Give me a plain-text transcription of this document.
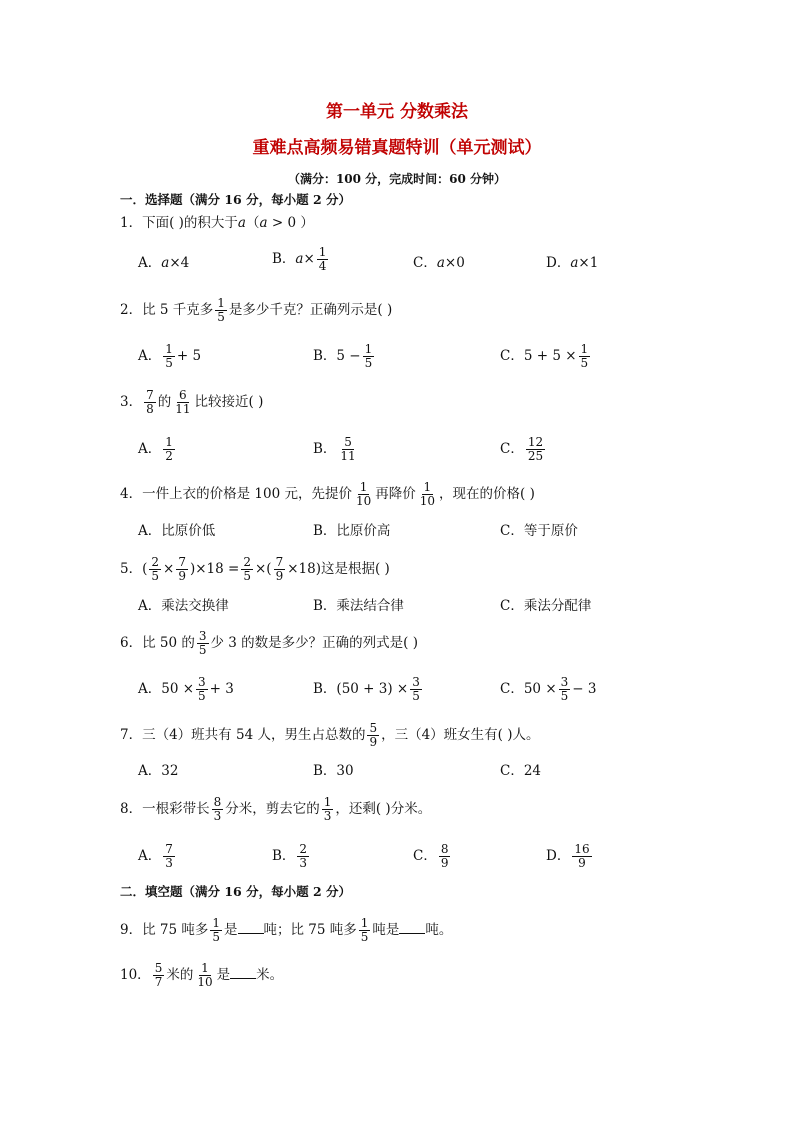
第一单元 分数乘法
重难点高频易错真题特训（单元测试）
（满分：100 分，完成时间：60 分钟）
一．选择题（满分 16 分，每小题 2 分）
1．下面( )的积大于a（a > 0 ）
A．a×4	B．$a\times \frac{1}{4}$	C．a×0	D．a×1
2．比 5 千克多 $\frac{1}{5}$ 是多少千克？正确列示是( )
A． $\frac{1}{5} + 5$	B．$5 - \frac{1}{5}$	C．$5 + 5 \times \frac{1}{5}$
3． $\frac{7}{8}$ 的 $\frac{6}{11}$ 比较接近( )
A． $\frac{1}{2}$	B． $\frac{5}{11}$	C． $\frac{12}{25}$
4．一件上衣的价格是 100 元，先提价 $\frac{1}{10}$ 再降价 $\frac{1}{10}$ ，现在的价格( )
A．比原价低	B．比原价高	C．等于原价
5．( $\frac{2}{5} \times \frac{7}{9} )\times 18 = \frac{2}{5}$ ×( $\frac{7}{9} \times 18$)这是根据( )
A．乘法交换律	B．乘法结合律	C．乘法分配律
6．比 50 的 $\frac{3}{5}$ 少 3 的数是多少？正确的列式是( )
A．$50 \times \frac{3}{5} + 3$	B．$(50 + 3) \times \frac{3}{5}$	C．$50 \times \frac{3}{5} - 3$
7．三（4）班共有 54 人，男生占总数的 $\frac{5}{9}$ ，三（4）班女生有( )人。
A．32	B．30	C．24
8．一根彩带长 $\frac{8}{3}$ 分米，剪去它的 $\frac{1}{3}$ ，还剩( )分米。
A． $\frac{7}{3}$	B． $\frac{2}{3}$	C． $\frac{8}{9}$	D． $\frac{16}{9}$
二．填空题（满分 16 分，每小题 2 分）
9．比 75 吨多 $\frac{1}{5}$ 是 吨；比 75 吨多 $\frac{1}{5}$ 吨是 吨。
10． $\frac{5}{7}$ 米的 $\frac{1}{10}$ 是 米。
